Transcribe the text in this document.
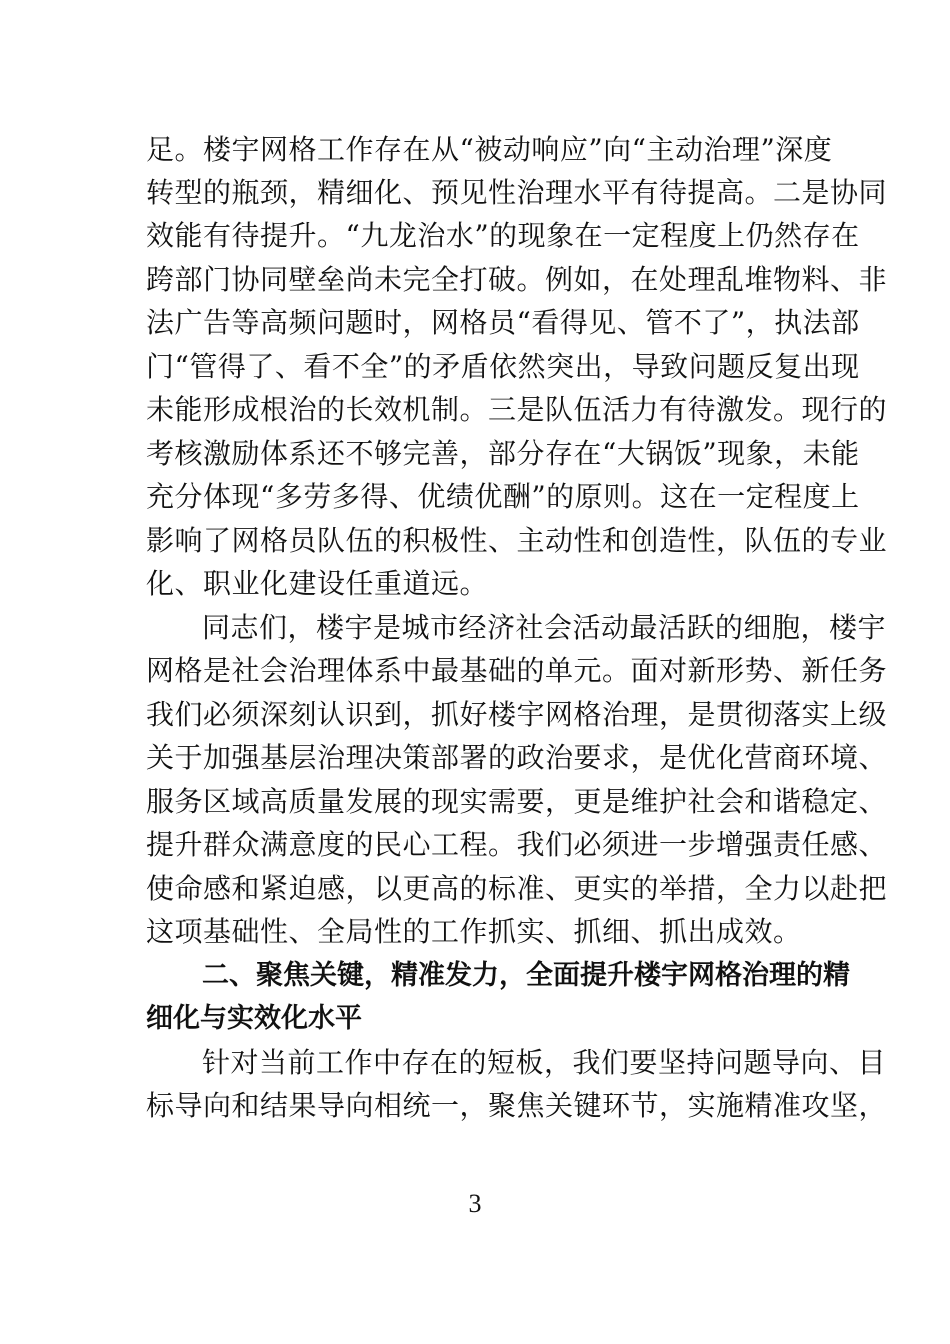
足。楼宇网格工作存在从“被动响应”向“主动治理”深度
转型的瓶颈，精细化、预见性治理水平有待提高。二是协同
效能有待提升。“九龙治水”的现象在一定程度上仍然存在
跨部门协同壁垒尚未完全打破。例如，在处理乱堆物料、非
法广告等高频问题时，网格员“看得见、管不了”，执法部
门“管得了、看不全”的矛盾依然突出，导致问题反复出现
未能形成根治的长效机制。三是队伍活力有待激发。现行的
考核激励体系还不够完善，部分存在“大锅饭”现象，未能
充分体现“多劳多得、优绩优酬”的原则。这在一定程度上
影响了网格员队伍的积极性、主动性和创造性，队伍的专业
化、职业化建设任重道远。
同志们，楼宇是城市经济社会活动最活跃的细胞，楼宇
网格是社会治理体系中最基础的单元。面对新形势、新任务
我们必须深刻认识到，抓好楼宇网格治理，是贯彻落实上级
关于加强基层治理决策部署的政治要求，是优化营商环境、
服务区域高质量发展的现实需要，更是维护社会和谐稳定、
提升群众满意度的民心工程。我们必须进一步增强责任感、
使命感和紧迫感，以更高的标准、更实的举措，全力以赴把
这项基础性、全局性的工作抓实、抓细、抓出成效。
二、聚焦关键，精准发力，全面提升楼宇网格治理的精
细化与实效化水平
针对当前工作中存在的短板，我们要坚持问题导向、目
标导向和结果导向相统一，聚焦关键环节，实施精准攻坚，
3
